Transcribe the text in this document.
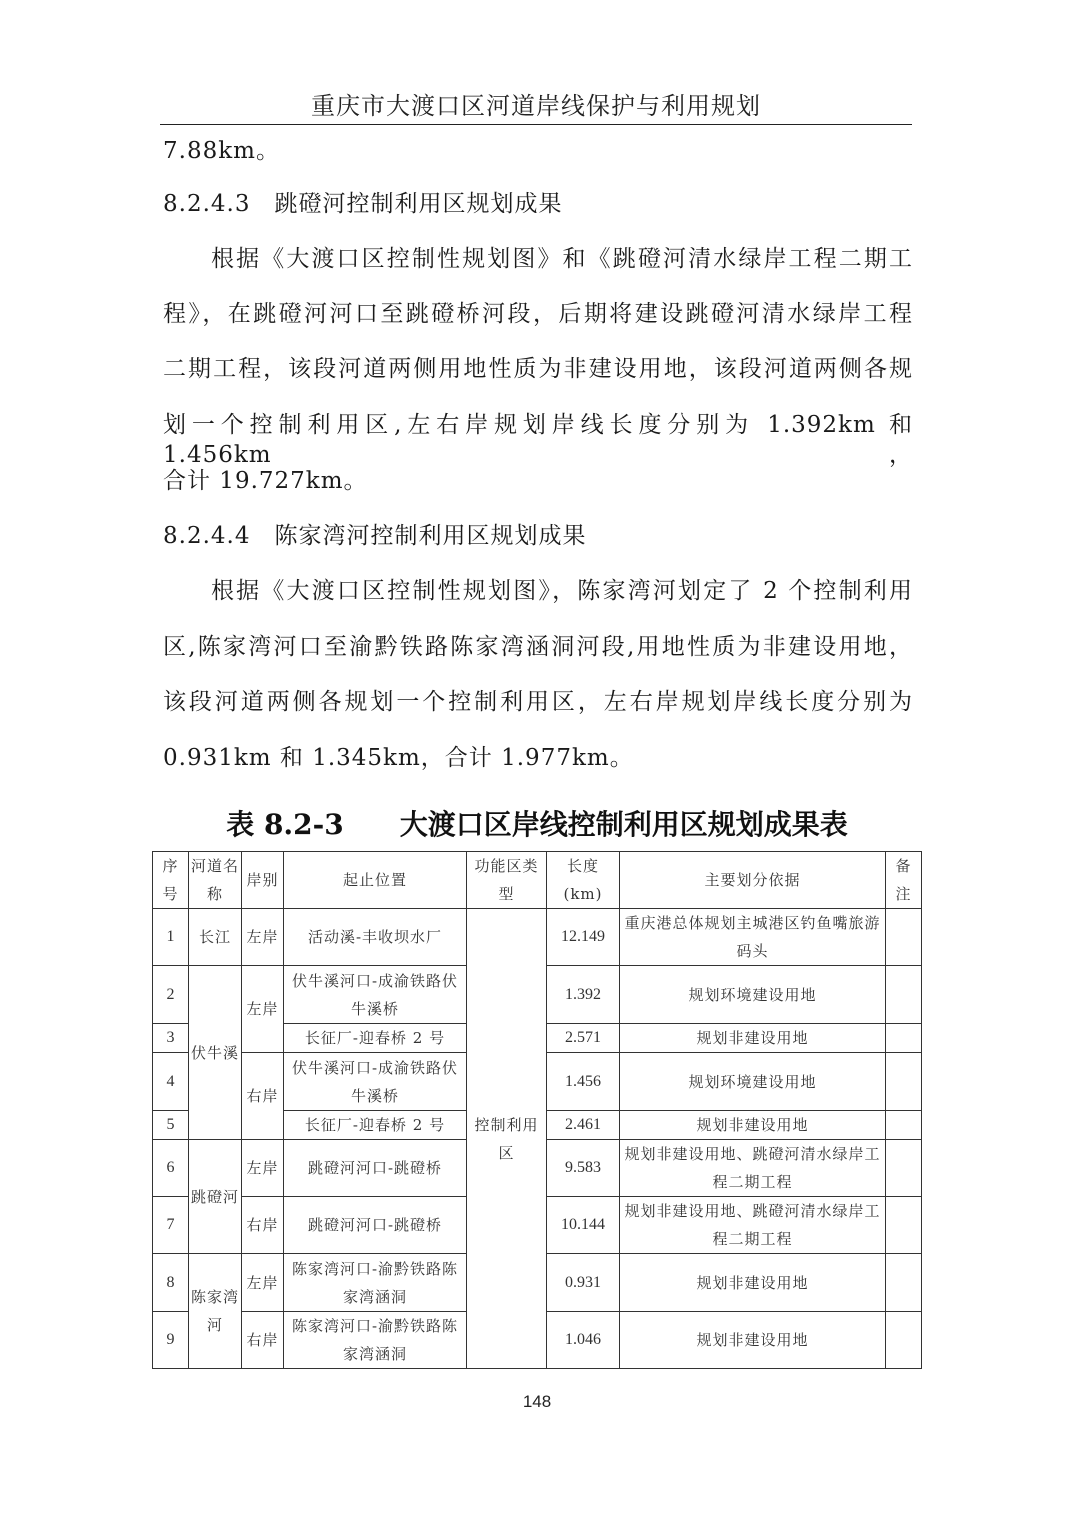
重庆市大渡口区河道岸线保护与利用规划
7.88km。
8.2.4.3　跳磴河控制利用区规划成果
根据《大渡口区控制性规划图》和《跳磴河清水绿岸工程二期工
程》，在跳磴河河口至跳磴桥河段，后期将建设跳磴河清水绿岸工程
二期工程，该段河道两侧用地性质为非建设用地，该段河道两侧各规
划一个控制利用区,左右岸规划岸线长度分别为 1.392km 和 1.456km，
合计 19.727km。
8.2.4.4　陈家湾河控制利用区规划成果
根据《大渡口区控制性规划图》，陈家湾河划定了 2 个控制利用
区,陈家湾河口至渝黔铁路陈家湾涵洞河段,用地性质为非建设用地，
该段河道两侧各规划一个控制利用区，左右岸规划岸线长度分别为
0.931km 和 1.345km，合计 1.977km。
表 8.2-3 大渡口区岸线控制利用区规划成果表
序号	河道名称	岸别	起止位置	功能区类型	长度(km)	主要划分依据	备注
1	长江	左岸	活动溪-丰收坝水厂	控制利用区	12.149	重庆港总体规划主城港区钓鱼嘴旅游码头	
2	伏牛溪	左岸	伏牛溪河口-成渝铁路伏牛溪桥		1.392	规划环境建设用地	
3			长征厂-迎春桥 2 号		2.571	规划非建设用地	
4		右岸	伏牛溪河口-成渝铁路伏牛溪桥		1.456	规划环境建设用地	
5			长征厂-迎春桥 2 号		2.461	规划非建设用地	
6	跳磴河	左岸	跳磴河河口-跳磴桥		9.583	规划非建设用地、跳磴河清水绿岸工程二期工程	
7		右岸	跳磴河河口-跳磴桥		10.144	规划非建设用地、跳磴河清水绿岸工程二期工程	
8	陈家湾河	左岸	陈家湾河口-渝黔铁路陈家湾涵洞		0.931	规划非建设用地	
9		右岸	陈家湾河口-渝黔铁路陈家湾涵洞		1.046	规划非建设用地	
148
